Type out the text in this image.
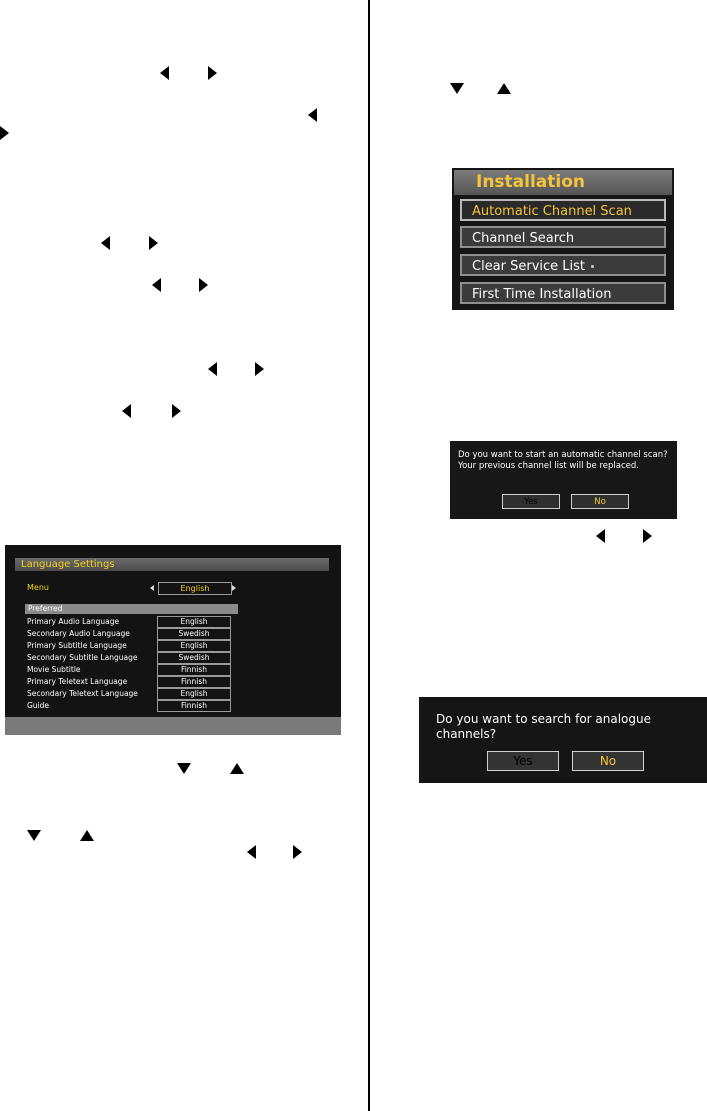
Language Settings
Menu	English
Preferred
Primary Audio Language	English
Secondary Audio Language	Swedish
Primary Subtitle Language	English
Secondary Subtitle Language	Swedish
Movie Subtitle	Finnish
Primary Teletext Language	Finnish
Secondary Teletext Language	English
Guide	Finnish
Installation
Automatic Channel Scan
Channel Search
Clear Service List
First Time Installation
Do you want to start an automatic channel scan? Your previous channel list will be replaced.
Yes	No
Do you want to search for analogue channels?
Yes	No
